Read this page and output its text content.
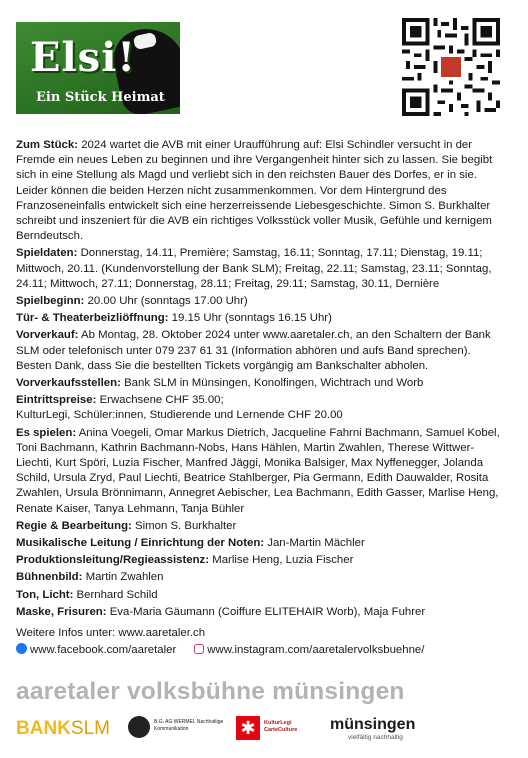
Elsi!
Ein Stück Heimat

Zum Stück: 2024 wartet die AVB mit einer Uraufführung auf: Elsi Schindler versucht in der Fremde ein neues Leben zu beginnen und ihre Vergangenheit hinter sich zu lassen. Sie begibt sich in eine Stellung als Magd und verliebt sich in den reichsten Bauer des Dorfes, er in sie. Leider können die beiden Herzen nicht zusammenkommen. Vor dem Hintergrund des Franzoseneinfalls entwickelt sich eine herzerreissende Liebesgeschichte. Simon S. Burkhalter schreibt und inszeniert für die AVB ein richtiges Volksstück voller Musik, Gefühle und kernigem Berndeutsch.

Spieldaten: Donnerstag, 14.11, Première; Samstag, 16.11; Sonntag, 17.11; Dienstag, 19.11; Mittwoch, 20.11. (Kundenvorstellung der Bank SLM); Freitag, 22.11; Samstag, 23.11; Sonntag, 24.11; Mittwoch, 27.11; Donnerstag, 28.11; Freitag, 29.11; Samstag, 30.11, Dernière

Spielbeginn: 20.00 Uhr (sonntags 17.00 Uhr)

Tür- & Theaterbeizliöffnung: 19.15 Uhr (sonntags 16.15 Uhr)

Vorverkauf: Ab Montag, 28. Oktober 2024 unter www.aaretaler.ch, an den Schaltern der Bank SLM oder telefonisch unter 079 237 61 31 (Information abhören und aufs Band sprechen). Besten Dank, dass Sie die bestellten Tickets vorgängig am Bankschalter abholen.

Vorverkaufsstellen: Bank SLM in Münsingen, Konolfingen, Wichtrach und Worb

Eintrittspreise: Erwachsene CHF 35.00;

KulturLegi, Schüler:innen, Studierende und Lernende CHF 20.00

Es spielen: Anina Voegeli, Omar Markus Dietrich, Jacqueline Fahrni Bachmann, Samuel Kobel, Toni Bachmann, Kathrin Bachmann-Nobs, Hans Hählen, Martin Zwahlen, Therese Wittwer-Liechti, Kurt Spöri, Luzia Fischer, Manfred Jäggi, Monika Balsiger, Max Nyffenegger, Jolanda Schild, Ursula Zryd, Paul Liechti, Beatrice Stahlberger, Pia Germann, Edith Dauwalder, Rosita Zwahlen, Ursula Brönnimann, Annegret Aebischer, Lea Bachmann, Edith Gasser, Marlise Heng, Renate Kaiser, Tanya Lehmann, Tanja Bühler

Regie & Bearbeitung: Simon S. Burkhalter

Musikalische Leitung / Einrichtung der Noten: Jan-Martin Mächler

Produktionsleitung/Regieassistenz: Marlise Heng, Luzia Fischer

Bühnenbild: Martin Zwahlen

Ton, Licht: Bernhard Schild

Maske, Frisuren: Eva-Maria Gäumann (Coiffure ELITEHAIR Worb), Maja Fuhrer

Weitere Infos unter: www.aaretaler.ch

www.facebook.com/aaretaler	www.instagram.com/aaretalervolksbuehne/
aaretaler volksbühne münsingen
BANKSLM	B.G. AG WERMEL Nachhaltige Kommunikation	✱	KulturLegi CarteCulture	münsingen
vielfältig nachhaltig
